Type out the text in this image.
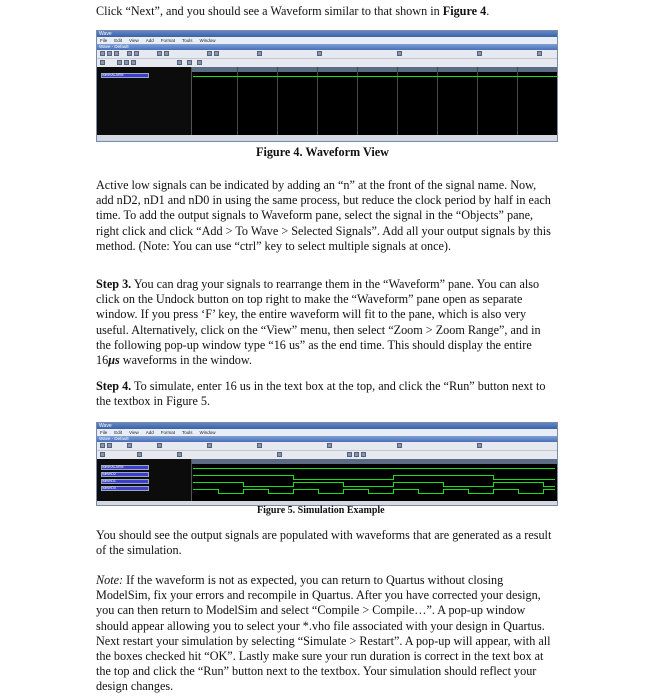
Click “Next”, and you should see a Waveform similar to that shown in Figure 4.
Wave
File Edit View Add Format Tools Window
Wave - Default
/sim/nALARM
Figure 4. Waveform View
Active low signals can be indicated by adding an “n” at the front of the signal name. Now, add nD2, nD1 and nD0 in using the same process, but reduce the clock period by half in each time. To add the output signals to Waveform pane, select the signal in the “Objects” pane, right click and click “Add > To Wave > Selected Signals”. Add all your output signals by this method. (Note: You can use “ctrl” key to select multiple signals at once).
Step 3. You can drag your signals to rearrange them in the “Waveform” pane. You can also click on the Undock button on top right to make the “Waveform” pane open as separate window. If you press ‘F’ key, the entire waveform will fit to the pane, which is also very useful. Alternatively, click on the “View” menu, then select “Zoom > Zoom Range”, and in the following pop-up window type “16 us” as the end time. This should display the entire 16μs waveforms in the window.
Step 4. To simulate, enter 16 us in the text box at the top, and click the “Run” button next to the textbox in Figure 5.
Wave
File Edit View Add Format Tools Window
Wave - Default
/sim/nALARM
/sim/nD2
/sim/nD1
/sim/nD0
Figure 5. Simulation Example
You should see the output signals are populated with waveforms that are generated as a result of the simulation.
Note: If the waveform is not as expected, you can return to Quartus without closing ModelSim, fix your errors and recompile in Quartus. After you have corrected your design, you can then return to ModelSim and select “Compile > Compile…”. A pop-up window should appear allowing you to select your *.vho file associated with your design in Quartus. Next restart your simulation by selecting “Simulate > Restart”. A pop-up will appear, with all the boxes checked hit “OK”. Lastly make sure your run duration is correct in the text box at the top and click the “Run” button next to the textbox. Your simulation should reflect your design changes.
